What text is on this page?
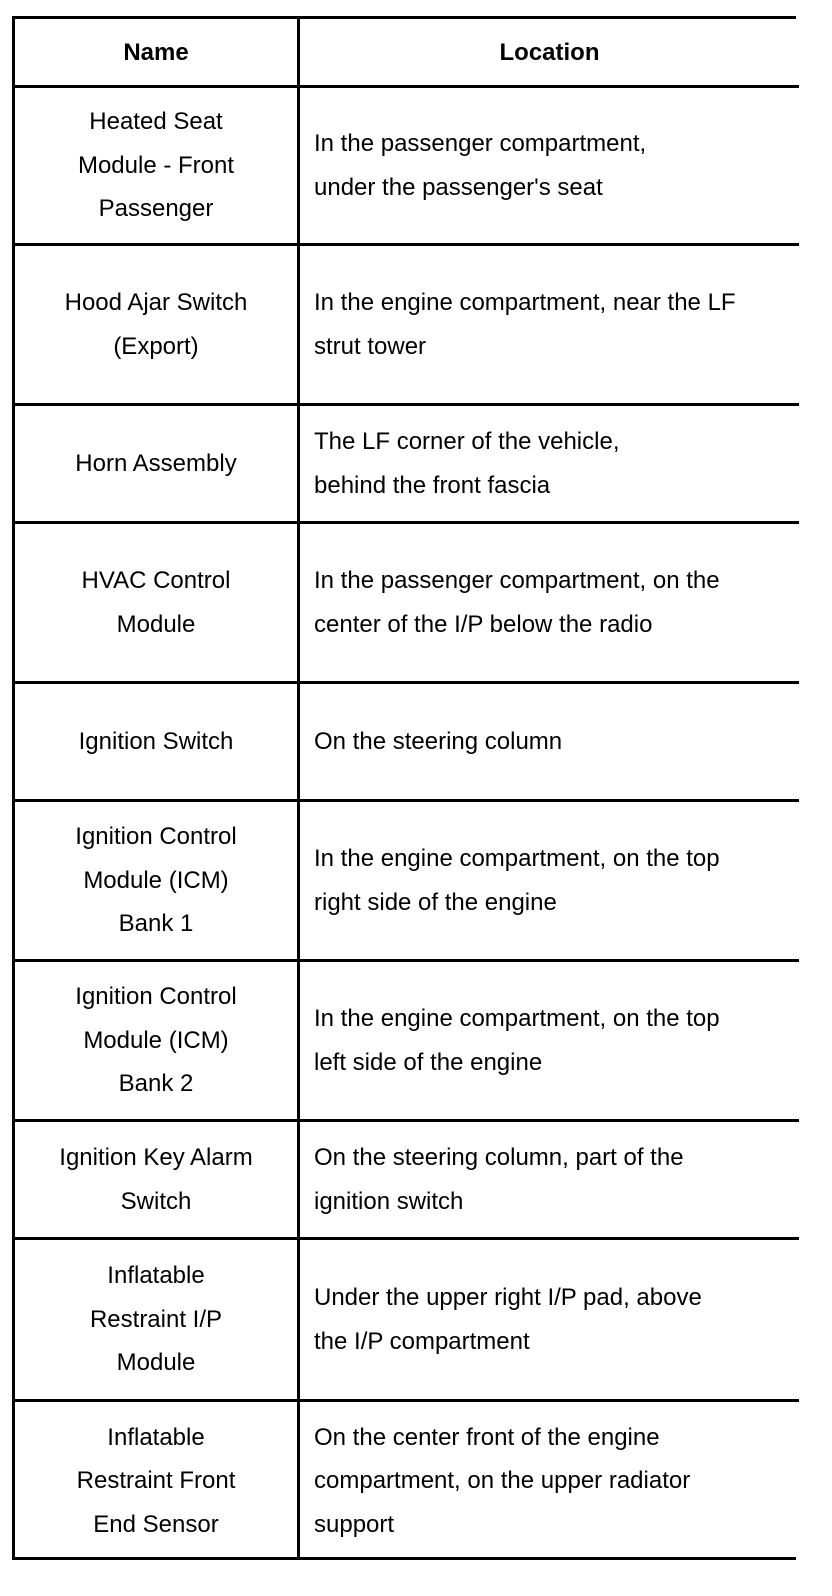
Name	Location
Heated Seat Module - Front Passenger
In the passenger compartment, under the passenger's seat
Hood Ajar Switch (Export)
In the engine compartment, near the LF strut tower
Horn Assembly
The LF corner of the vehicle, behind the front fascia
HVAC Control Module
In the passenger compartment, on the center of the I/P below the radio
Ignition Switch	On the steering column
Ignition Control Module (ICM) Bank 1
In the engine compartment, on the top right side of the engine
Ignition Control Module (ICM) Bank 2
In the engine compartment, on the top left side of the engine
Ignition Key Alarm Switch
On the steering column, part of the ignition switch
Inflatable Restraint I/P Module
Under the upper right I/P pad, above the I/P compartment
Inflatable Restraint Front End Sensor
On the center front of the engine compartment, on the upper radiator support
